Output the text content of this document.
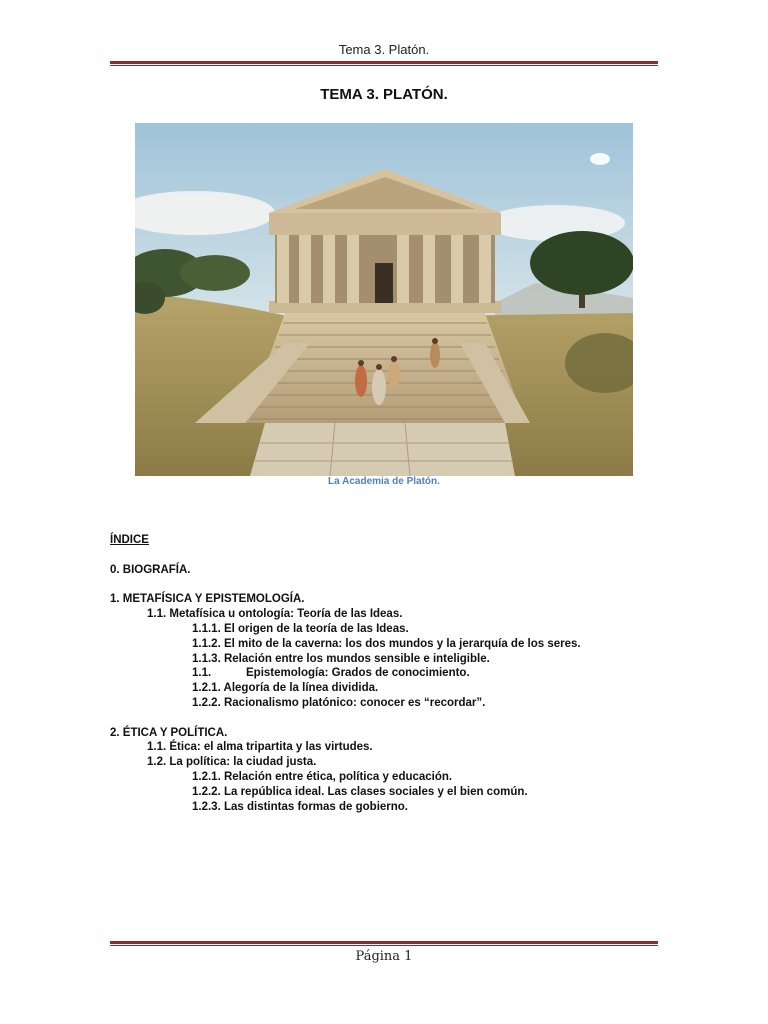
Tema 3. Platón.
TEMA 3. PLATÓN.
La Academia de Platón.
ÍNDICE
0. BIOGRAFÍA.
1. METAFÍSICA Y EPISTEMOLOGÍA.
1.1. Metafísica u ontología: Teoría de las Ideas.
1.1.1. El origen de la teoría de las Ideas.
1.1.2. El mito de la caverna: los dos mundos y la jerarquía de los seres.
1.1.3. Relación entre los mundos sensible e inteligible.
1.1.	Epistemología: Grados de conocimiento.
1.2.1. Alegoría de la línea dividida.
1.2.2. Racionalismo platónico: conocer es “recordar”.
2. ÉTICA Y POLÍTICA.
1.1. Ética: el alma tripartita y las virtudes.
1.2. La política: la ciudad justa.
1.2.1. Relación entre ética, política y educación.
1.2.2. La república ideal. Las clases sociales y el bien común.
1.2.3. Las distintas formas de gobierno.
Página 1
